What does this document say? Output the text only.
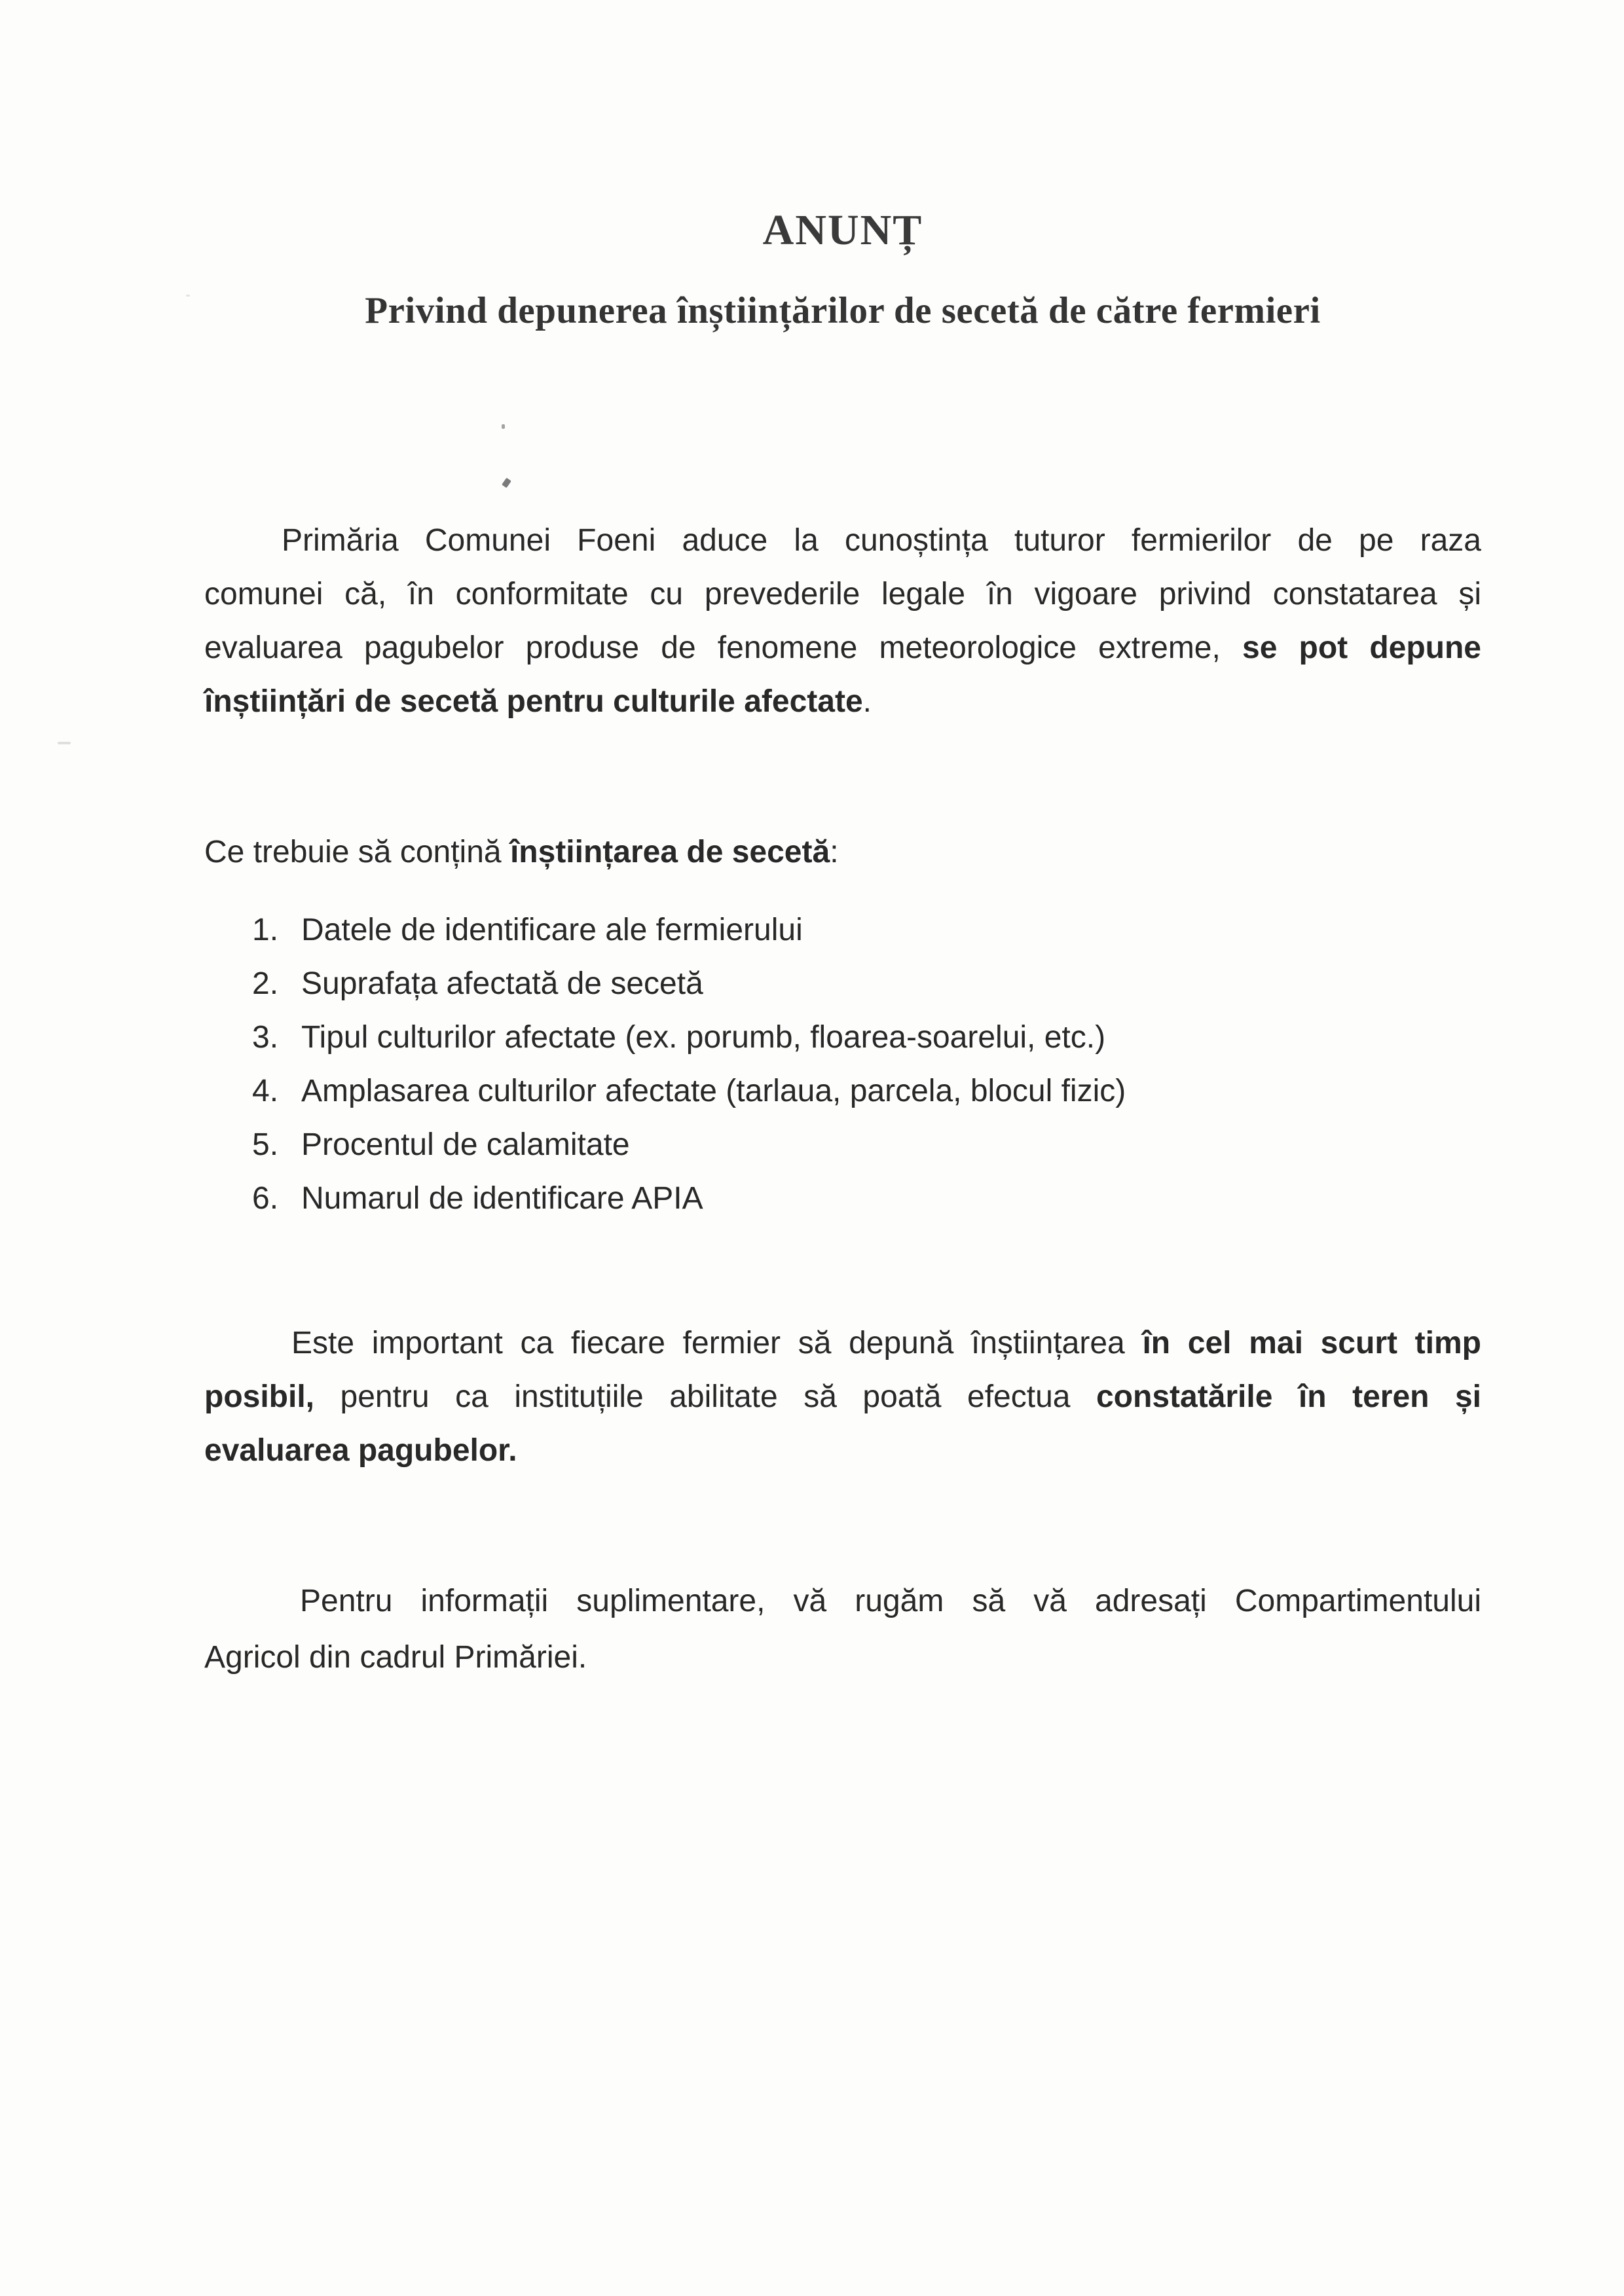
ANUNȚ
Privind depunerea înștiințărilor de secetă de către fermieri
Primăria Comunei Foeni aduce la cunoștința tuturor fermierilor de pe raza
comunei că, în conformitate cu prevederile legale în vigoare privind constatarea și
evaluarea pagubelor produse de fenomene meteorologice extreme, se pot depune
înștiințări de secetă pentru culturile afectate.
Ce trebuie să conțină înștiințarea de secetă:
1. Datele de identificare ale fermierului
2. Suprafața afectată de secetă
3. Tipul culturilor afectate (ex. porumb, floarea-soarelui, etc.)
4. Amplasarea culturilor afectate (tarlaua, parcela, blocul fizic)
5. Procentul de calamitate
6. Numarul de identificare APIA
Este important ca fiecare fermier să depună înștiințarea în cel mai scurt timp
posibil, pentru ca instituțiile abilitate să poată efectua constatările în teren și
evaluarea pagubelor.
Pentru informații suplimentare, vă rugăm să vă adresați Compartimentului
Agricol din cadrul Primăriei.
